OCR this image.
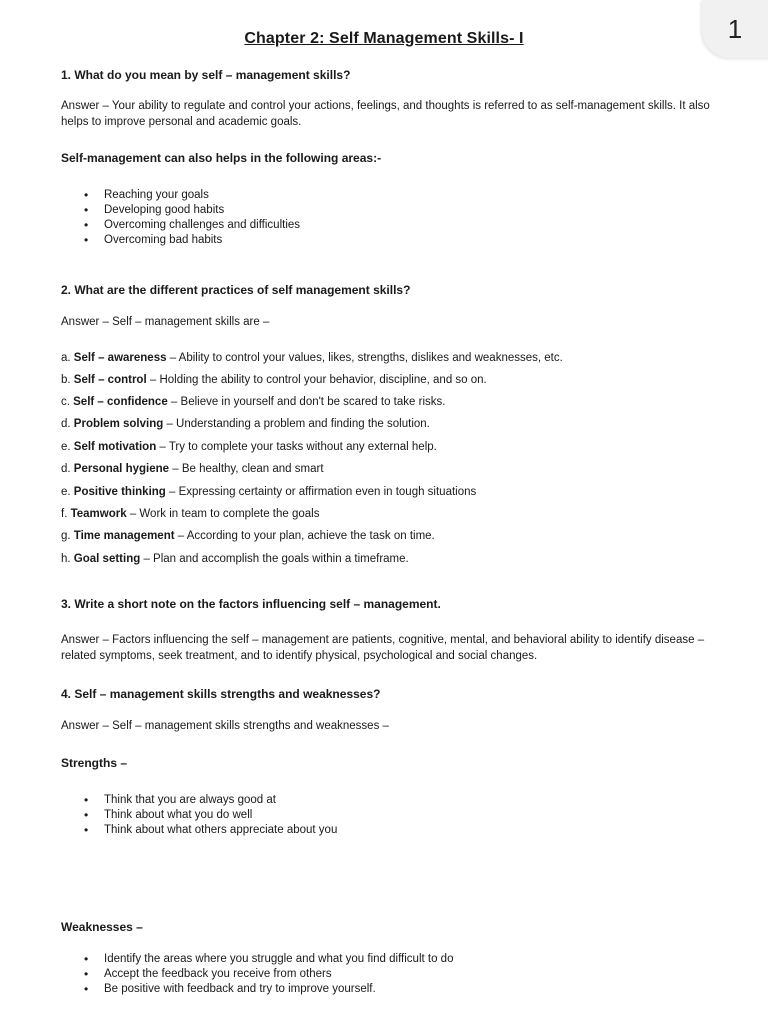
1
Chapter 2: Self Management Skills- I
1. What do you mean by self – management skills?
Answer – Your ability to regulate and control your actions, feelings, and thoughts is referred to as self-management skills. It also helps to improve personal and academic goals.
Self-management can also helps in the following areas:-
• Reaching your goals
• Developing good habits
• Overcoming challenges and difficulties
• Overcoming bad habits
2. What are the different practices of self management skills?
Answer – Self – management skills are –
a. Self – awareness – Ability to control your values, likes, strengths, dislikes and weaknesses, etc.
b. Self – control – Holding the ability to control your behavior, discipline, and so on.
c. Self – confidence – Believe in yourself and don't be scared to take risks.
d. Problem solving – Understanding a problem and finding the solution.
e. Self motivation – Try to complete your tasks without any external help.
d. Personal hygiene – Be healthy, clean and smart
e. Positive thinking – Expressing certainty or affirmation even in tough situations
f. Teamwork – Work in team to complete the goals
g. Time management – According to your plan, achieve the task on time.
h. Goal setting – Plan and accomplish the goals within a timeframe.
3. Write a short note on the factors influencing self – management.
Answer – Factors influencing the self – management are patients, cognitive, mental, and behavioral ability to identify disease – related symptoms, seek treatment, and to identify physical, psychological and social changes.
4. Self – management skills strengths and weaknesses?
Answer – Self – management skills strengths and weaknesses –
Strengths –
• Think that you are always good at
• Think about what you do well
• Think about what others appreciate about you
Weaknesses –
• Identify the areas where you struggle and what you find difficult to do
• Accept the feedback you receive from others
• Be positive with feedback and try to improve yourself.
